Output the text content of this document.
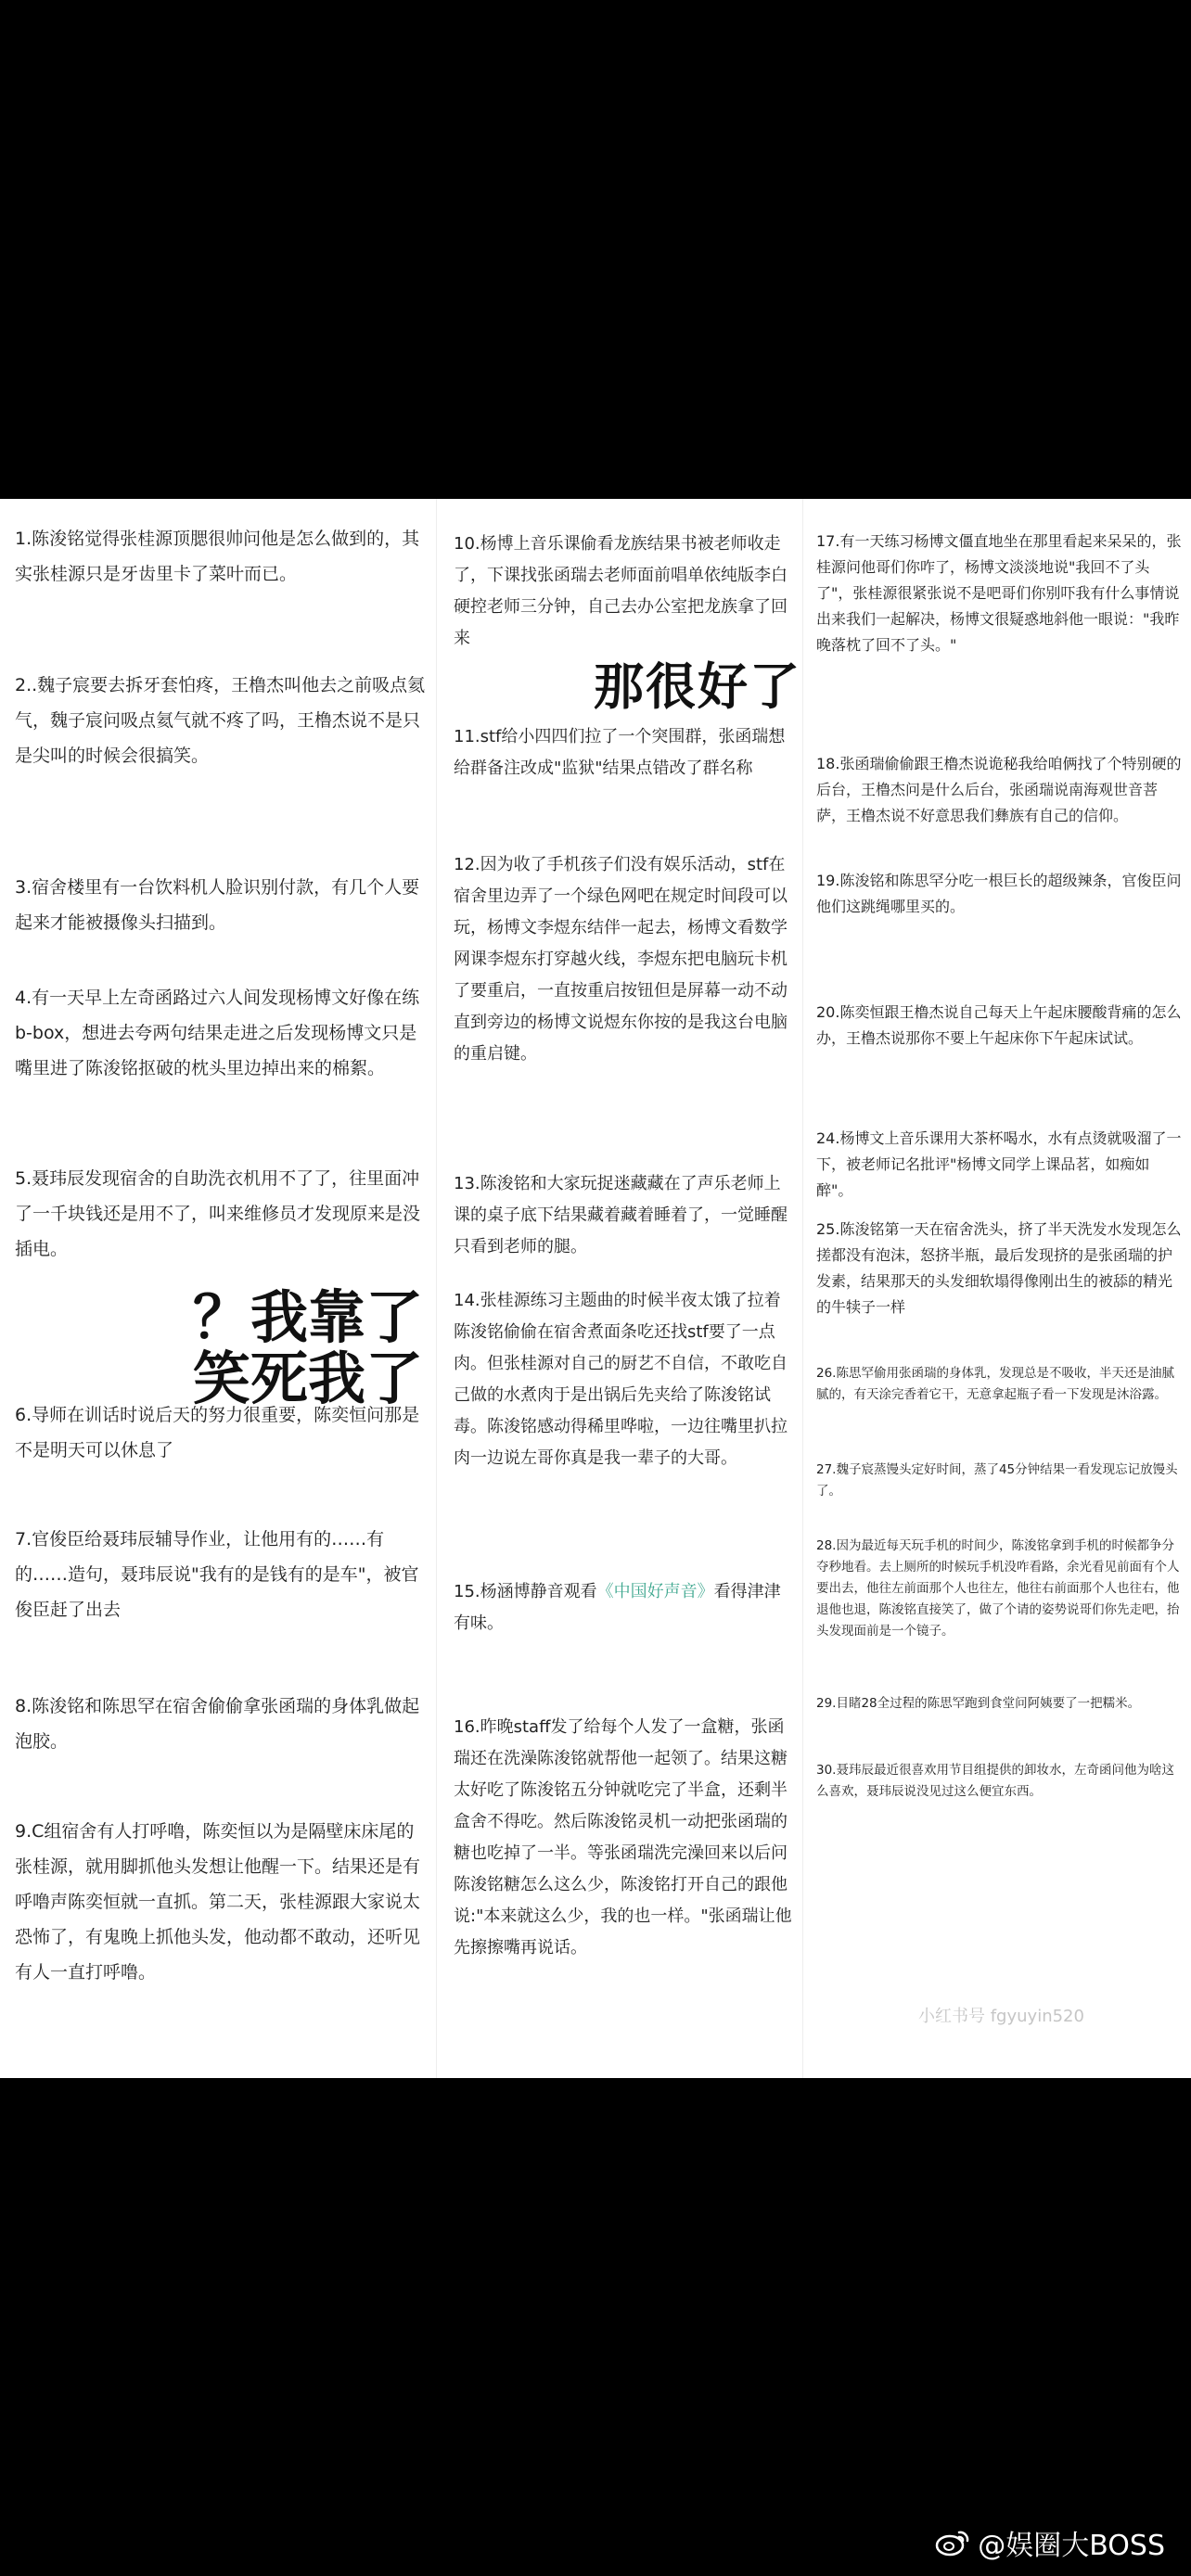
1.陈浚铭觉得张桂源顶腮很帅问他是怎么做到的，其实张桂源只是牙齿里卡了菜叶而已。
2..魏子宸要去拆牙套怕疼，王橹杰叫他去之前吸点氦气，魏子宸问吸点氦气就不疼了吗，王橹杰说不是只是尖叫的时候会很搞笑。
3.宿舍楼里有一台饮料机人脸识别付款，有几个人要起来才能被摄像头扫描到。
4.有一天早上左奇函路过六人间发现杨博文好像在练b-box，想进去夸两句结果走进之后发现杨博文只是嘴里进了陈浚铭抠破的枕头里边掉出来的棉絮。
5.聂玮辰发现宿舍的自助洗衣机用不了了，往里面冲了一千块钱还是用不了，叫来维修员才发现原来是没插电。
6.导师在训话时说后天的努力很重要，陈奕恒问那是不是明天可以休息了
7.官俊臣给聂玮辰辅导作业，让他用有的……有的……造句，聂玮辰说"我有的是钱有的是车"，被官俊臣赶了出去
8.陈浚铭和陈思罕在宿舍偷偷拿张函瑞的身体乳做起泡胶。
9.C组宿舍有人打呼噜，陈奕恒以为是隔壁床床尾的张桂源，就用脚抓他头发想让他醒一下。结果还是有呼噜声陈奕恒就一直抓。第二天，张桂源跟大家说太恐怖了，有鬼晚上抓他头发，他动都不敢动，还听见有人一直打呼噜。
10.杨博上音乐课偷看龙族结果书被老师收走了，下课找张函瑞去老师面前唱单依纯版李白硬控老师三分钟，自己去办公室把龙族拿了回来
11.stf给小四四们拉了一个突围群，张函瑞想给群备注改成"监狱"结果点错改了群名称
12.因为收了手机孩子们没有娱乐活动，stf在宿舍里边弄了一个绿色网吧在规定时间段可以玩，杨博文李煜东结伴一起去，杨博文看数学网课李煜东打穿越火线，李煜东把电脑玩卡机了要重启，一直按重启按钮但是屏幕一动不动直到旁边的杨博文说煜东你按的是我这台电脑的重启键。
13.陈浚铭和大家玩捉迷藏藏在了声乐老师上课的桌子底下结果藏着藏着睡着了，一觉睡醒只看到老师的腿。
14.张桂源练习主题曲的时候半夜太饿了拉着陈浚铭偷偷在宿舍煮面条吃还找stf要了一点肉。但张桂源对自己的厨艺不自信，不敢吃自己做的水煮肉于是出锅后先夹给了陈浚铭试毒。陈浚铭感动得稀里哗啦，一边往嘴里扒拉肉一边说左哥你真是我一辈子的大哥。
15.杨涵博静音观看《中国好声音》看得津津有味。
16.昨晚staff发了给每个人发了一盒糖，张函瑞还在洗澡陈浚铭就帮他一起领了。结果这糖太好吃了陈浚铭五分钟就吃完了半盒，还剩半盒舍不得吃。然后陈浚铭灵机一动把张函瑞的糖也吃掉了一半。等张函瑞洗完澡回来以后问陈浚铭糖怎么这么少，陈浚铭打开自己的跟他说:"本来就这么少，我的也一样。"张函瑞让他先擦擦嘴再说话。
17.有一天练习杨博文僵直地坐在那里看起来呆呆的，张桂源问他哥们你咋了，杨博文淡淡地说"我回不了头了"，张桂源很紧张说不是吧哥们你别吓我有什么事情说出来我们一起解决，杨博文很疑惑地斜他一眼说："我昨晚落枕了回不了头。"
18.张函瑞偷偷跟王橹杰说诡秘我给咱俩找了个特别硬的后台，王橹杰问是什么后台，张函瑞说南海观世音菩萨，王橹杰说不好意思我们彝族有自己的信仰。
19.陈浚铭和陈思罕分吃一根巨长的超级辣条，官俊臣问他们这跳绳哪里买的。
20.陈奕恒跟王橹杰说自己每天上午起床腰酸背痛的怎么办，王橹杰说那你不要上午起床你下午起床试试。
24.杨博文上音乐课用大茶杯喝水，水有点烫就吸溜了一下，被老师记名批评"杨博文同学上课品茗，如痴如醉"。
25.陈浚铭第一天在宿舍洗头，挤了半天洗发水发现怎么搓都没有泡沫，怒挤半瓶，最后发现挤的是张函瑞的护发素，结果那天的头发细软塌得像刚出生的被舔的精光的牛犊子一样
26.陈思罕偷用张函瑞的身体乳，发现总是不吸收，半天还是油腻腻的，有天涂完香着它干，无意拿起瓶子看一下发现是沐浴露。
27.魏子宸蒸馒头定好时间，蒸了45分钟结果一看发现忘记放馒头了。
28.因为最近每天玩手机的时间少，陈浚铭拿到手机的时候都争分夺秒地看。去上厕所的时候玩手机没咋看路，余光看见前面有个人要出去，他往左前面那个人也往左，他往右前面那个人也往右，他退他也退，陈浚铭直接笑了，做了个请的姿势说哥们你先走吧，抬头发现面前是一个镜子。
29.目睹28全过程的陈思罕跑到食堂问阿姨要了一把糯米。
30.聂玮辰最近很喜欢用节目组提供的卸妆水，左奇函问他为啥这么喜欢，聂玮辰说没见过这么便宜东西。
那很好了
？我靠了
笑死我了
小红书号 fgyuyin520
@娱圈大BOSS
